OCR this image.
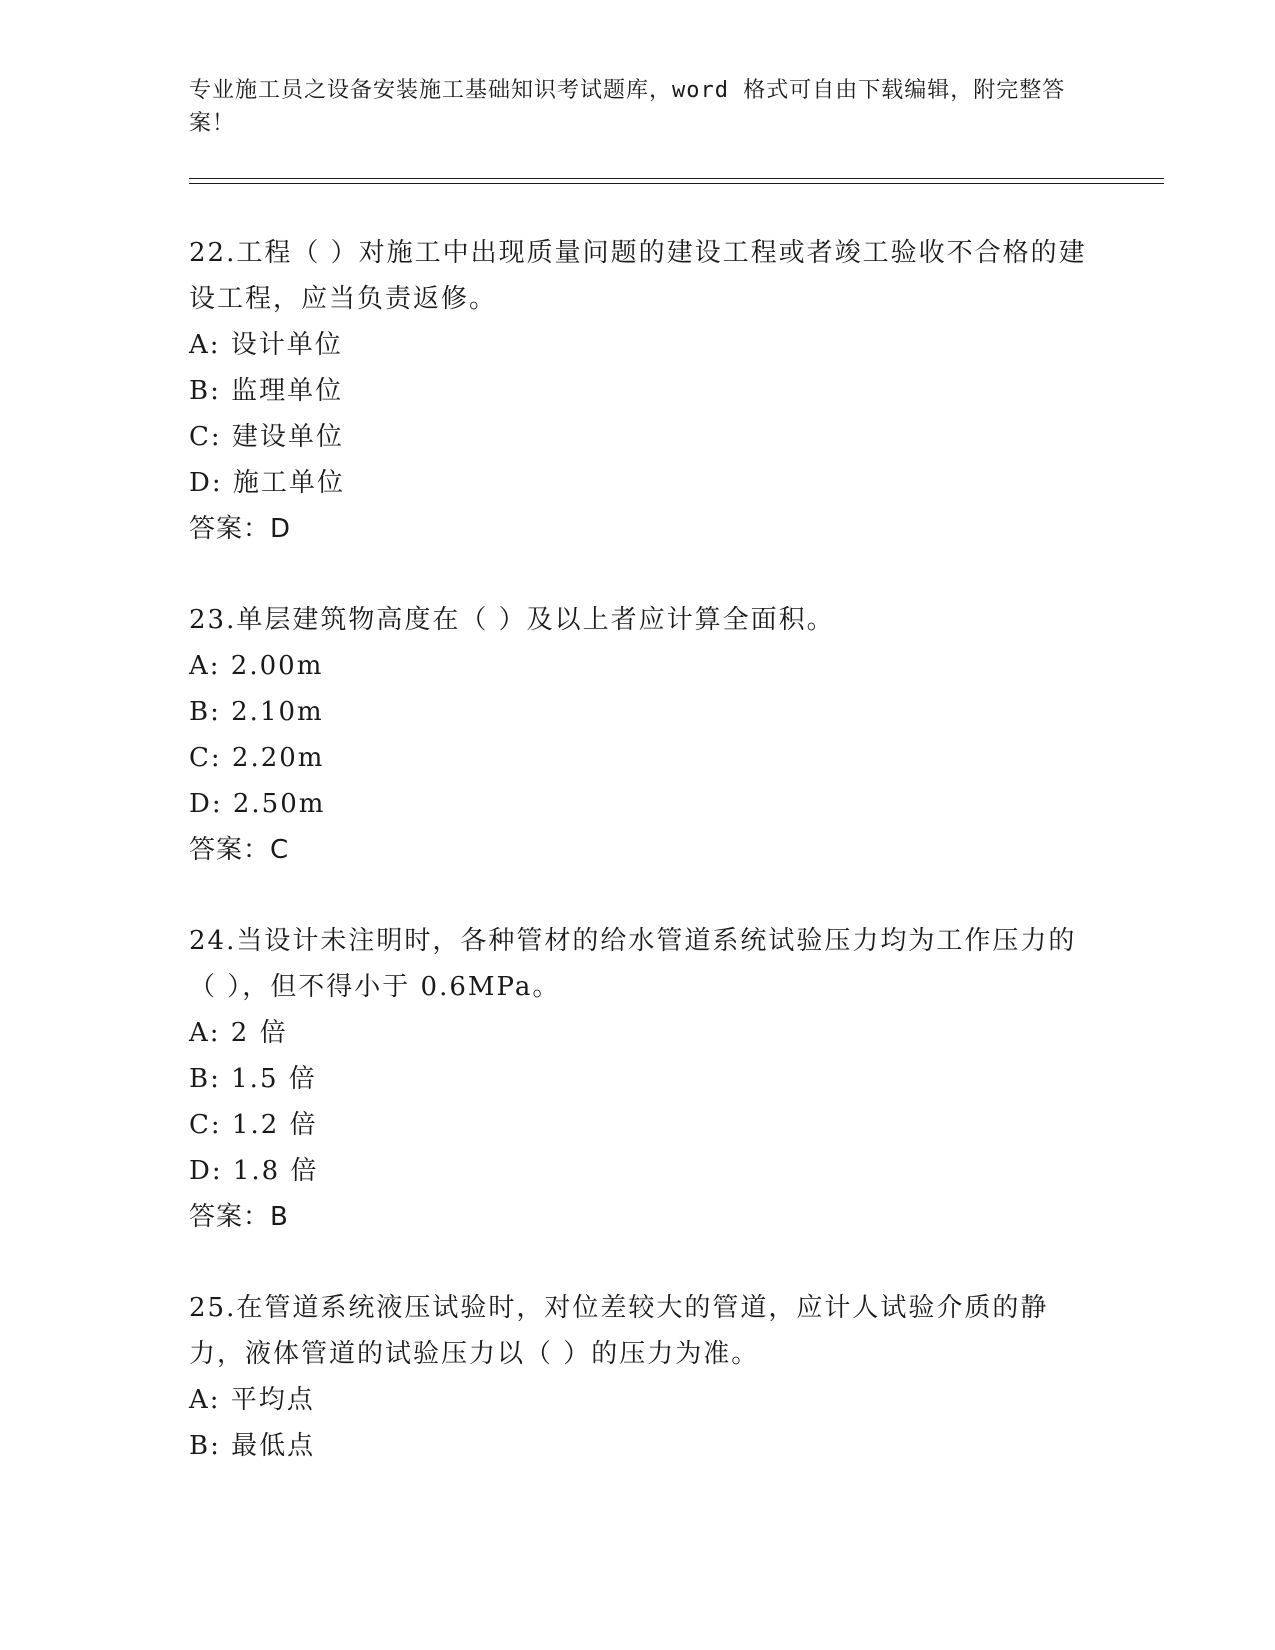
专业施工员之设备安装施工基础知识考试题库，word 格式可自由下载编辑，附完整答案！
22.工程（ ）对施工中出现质量问题的建设工程或者竣工验收不合格的建设工程，应当负责返修。
A: 设计单位
B: 监理单位
C: 建设单位
D: 施工单位
答案：D
23.单层建筑物高度在（ ）及以上者应计算全面积。
A: 2.00m
B: 2.10m
C: 2.20m
D: 2.50m
答案：C
24.当设计未注明时，各种管材的给水管道系统试验压力均为工作压力的（ ），但不得小于 0.6MPa。
A: 2 倍
B: 1.5 倍
C: 1.2 倍
D: 1.8 倍
答案：B
25.在管道系统液压试验时，对位差较大的管道，应计人试验介质的静力，液体管道的试验压力以（ ）的压力为准。
A: 平均点
B: 最低点
